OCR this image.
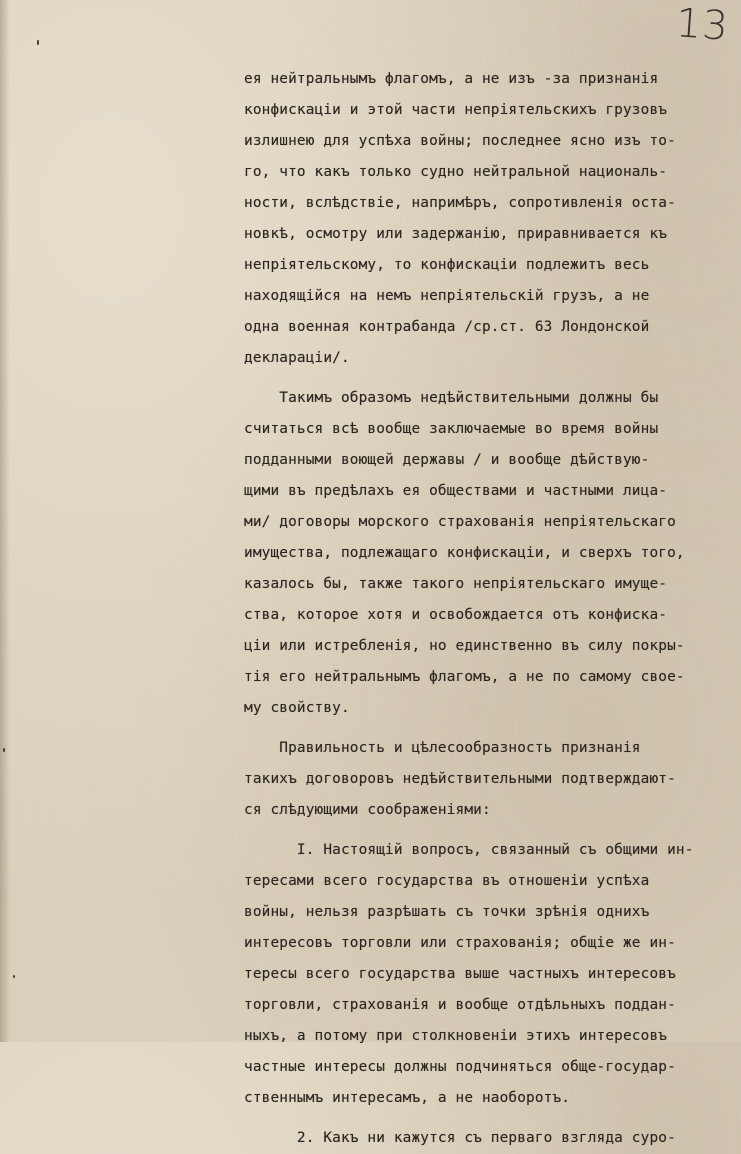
13
ея нейтральнымъ флагомъ, а не изъ -за признанія
конфискаціи и этой части непріятельскихъ грузовъ
излишнею для успѣха войны; последнее ясно изъ то-
го, что какъ только судно нейтральной националь-
ности, вслѣдствіе, напримѣръ, сопротивленія оста-
новкѣ, осмотру или задержанію, приравнивается къ
непріятельскому, то конфискаціи подлежитъ весь
находящійся на немъ непріятельскій грузъ, а не
одна военная контрабанда /ср.ст. 63 Лондонской
деклараціи/.
Такимъ образомъ недѣйствительными должны бы
считаться всѣ вообще заключаемые во время войны
подданными воющей державы / и вообще дѣйствую-
щими въ предѣлахъ ея обществами и частными лица-
ми/ договоры морского страхованія непріятельскаго
имущества, подлежащаго конфискаціи, и сверхъ того,
казалось бы, также такого непріятельскаго имуще-
ства, которое хотя и освобождается отъ конфиска-
ціи или истребленія, но единственно въ силу покры-
тія его нейтральнымъ флагомъ, а не по самому свое-
му свойству.
Правильность и цѣлесообразность признанія
такихъ договоровъ недѣйствительными подтверждают-
ся слѣдующими соображеніями:
I. Настоящій вопросъ, связанный съ общими ин-
тересами всего государства въ отношеніи успѣха
войны, нельзя разрѣшать съ точки зрѣнія однихъ
интересовъ торговли или страхованія; общіе же ин-
тересы всего государства выше частныхъ интересовъ
торговли, страхованія и вообще отдѣльныхъ поддан-
ныхъ, а потому при столкновеніи этихъ интересовъ
частные интересы должны подчиняться обще-государ-
ственнымъ интересамъ, а не наоборотъ.
2. Какъ ни кажутся съ перваго взгляда суро-
